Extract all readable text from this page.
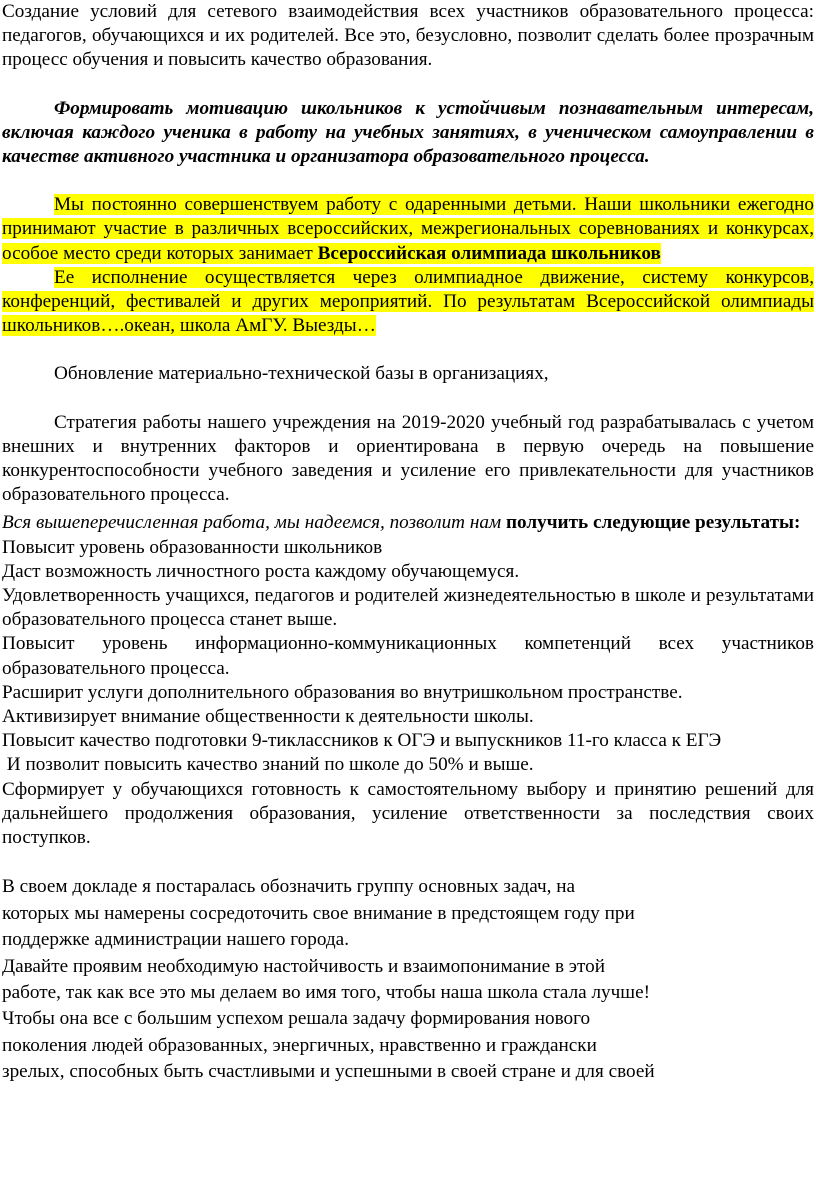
Создание условий для сетевого взаимодействия всех участников образовательного процесса: педагогов, обучающихся и их родителей. Все это, безусловно, позволит сделать более прозрачным процесс обучения и повысить качество образования.

Формировать мотивацию школьников к устойчивым познавательным интересам, включая каждого ученика в работу на учебных занятиях, в ученическом самоуправлении в качестве активного участника и организатора образовательного процесса.

Мы постоянно совершенствуем работу с одаренными детьми. Наши школьники ежегодно принимают участие в различных всероссийских, межрегиональных соревнованиях и конкурсах, особое место среди которых занимает Всероссийская олимпиада школьников

Ее исполнение осуществляется через олимпиадное движение, систему конкурсов, конференций, фестивалей и других мероприятий. По результатам Всероссийской олимпиады школьников….океан, школа АмГУ. Выезды…

Обновление материально-технической базы в организациях,

Стратегия работы нашего учреждения на 2019-2020 учебный год разрабатывалась с учетом внешних и внутренних факторов и ориентирована в первую очередь на повышение конкурентоспособности учебного заведения и усиление его привлекательности для участников образовательного процесса.

Вся вышеперечисленная работа, мы надеемся, позволит нам получить следующие результаты:

Повысит уровень образованности школьников

Даст возможность личностного роста каждому обучающемуся.

Удовлетворенность учащихся, педагогов и родителей жизнедеятельностью в школе и результатами образовательного процесса станет выше.

Повысит уровень информационно-коммуникационных компетенций всех участников образовательного процесса.

Расширит услуги дополнительного образования во внутришкольном пространстве.

Активизирует внимание общественности к деятельности школы.

Повысит качество подготовки 9-тиклассников к ОГЭ и выпускников 11-го класса к ЕГЭ

И позволит повысить качество знаний по школе до 50% и выше.

Сформирует у обучающихся готовность к самостоятельному выбору и принятию решений для дальнейшего продолжения образования, усиление ответственности за последствия своих поступков.

В своем докладе я постаралась обозначить группу основных задач, на

которых мы намерены сосредоточить свое внимание в предстоящем году при

поддержке администрации нашего города.

Давайте проявим необходимую настойчивость и взаимопонимание в этой

работе, так как все это мы делаем во имя того, чтобы наша школа стала лучше!

Чтобы она все с большим успехом решала задачу формирования нового

поколения людей образованных, энергичных, нравственно и граждански

зрелых, способных быть счастливыми и успешными в своей стране и для своей
